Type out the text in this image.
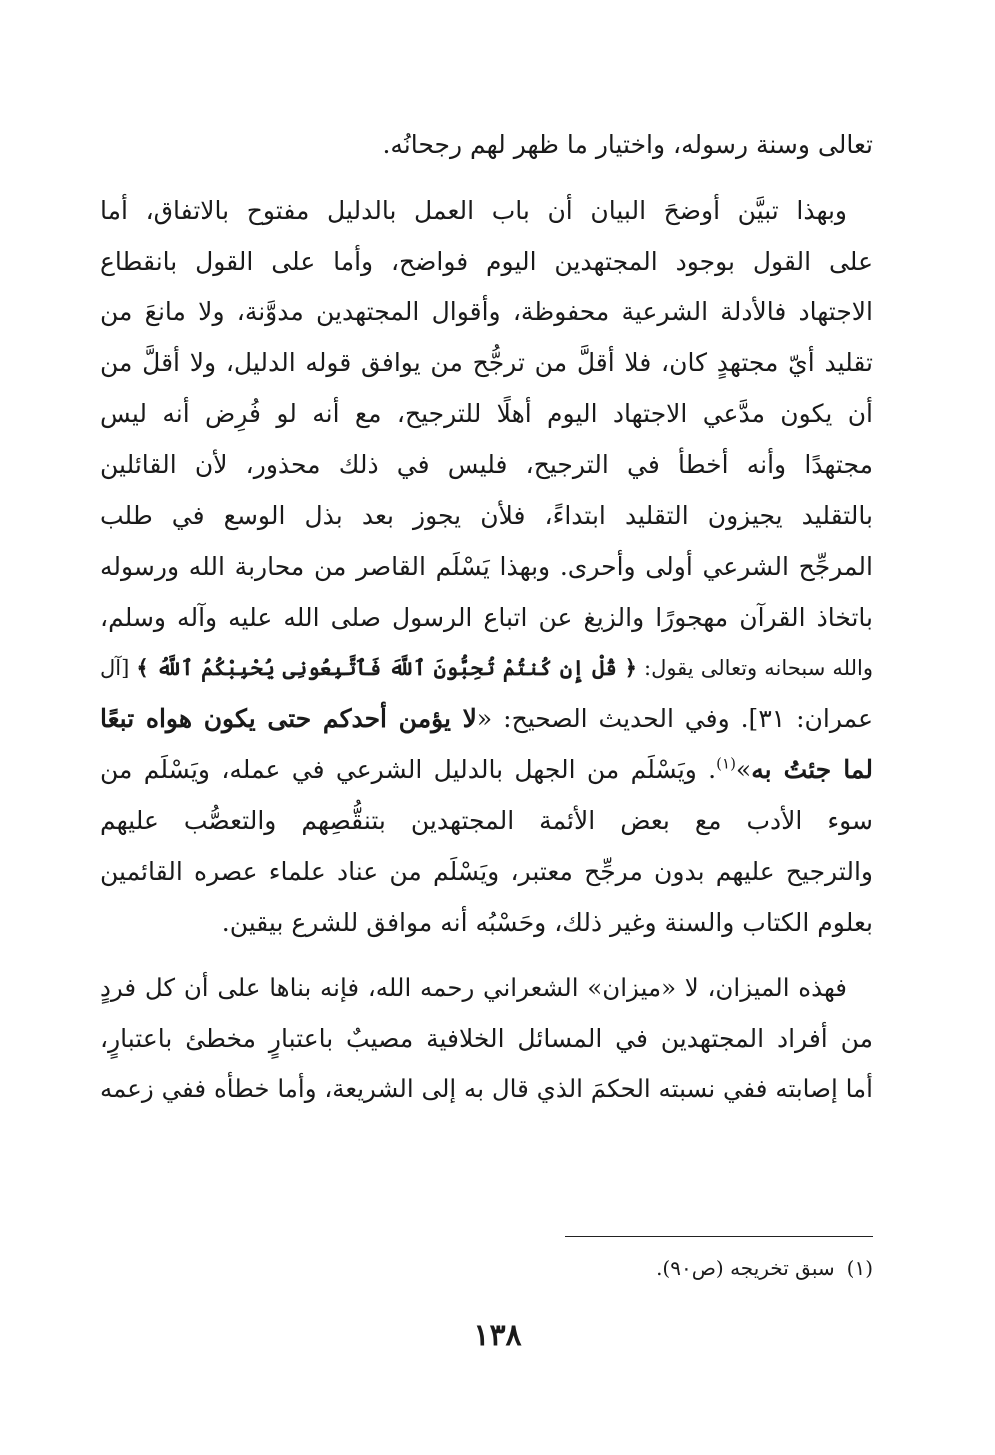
تعالى وسنة رسوله، واختيار ما ظهر لهم رجحانُه.
وبهذا تبيَّن أوضحَ البيان أن باب العمل بالدليل مفتوح بالاتفاق، أما
على القول بوجود المجتهدين اليوم فواضح، وأما على القول بانقطاع
الاجتهاد فالأدلة الشرعية محفوظة، وأقوال المجتهدين مدوَّنة، ولا مانعَ من
تقليد أيّ مجتهدٍ كان، فلا أقلَّ من ترجُّح من يوافق قوله الدليل، ولا أقلَّ من
أن يكون مدَّعي الاجتهاد اليوم أهلًا للترجيح، مع أنه لو فُرِض أنه ليس
مجتهدًا وأنه أخطأ في الترجيح، فليس في ذلك محذور، لأن القائلين
بالتقليد يجيزون التقليد ابتداءً، فلأن يجوز بعد بذل الوسع في طلب
المرجِّح الشرعي أولى وأحرى. وبهذا يَسْلَم القاصر من محاربة الله ورسوله
باتخاذ القرآن مهجورًا والزيغ عن اتباع الرسول صلى الله عليه وآله وسلم،
والله سبحانه وتعالى يقول: ﴿ قُلْ إِن كُنتُمْ تُحِبُّونَ ٱللَّهَ فَٱتَّبِعُونِى يُحْبِبْكُمُ ٱللَّهُ ﴾ [آل
عمران: ٣١]. وفي الحديث الصحيح: «لا يؤمن أحدكم حتى يكون هواه تبعًا
لما جئتُ به»$^{(١)}$. ويَسْلَم من الجهل بالدليل الشرعي في عمله، ويَسْلَم من
سوء الأدب مع بعض الأئمة المجتهدين بتنقُّصِهم والتعصُّب عليهم
والترجيح عليهم بدون مرجِّح معتبر، ويَسْلَم من عناد علماء عصره القائمين
بعلوم الكتاب والسنة وغير ذلك، وحَسْبُه أنه موافق للشرع بيقين.
فهذه الميزان، لا «ميزان» الشعراني رحمه الله، فإنه بناها على أن كل فردٍ
من أفراد المجتهدين في المسائل الخلافية مصيبٌ باعتبارٍ مخطئ باعتبارٍ،
أما إصابته ففي نسبته الحكمَ الذي قال به إلى الشريعة، وأما خطأه ففي زعمه
(١)سبق تخريجه (ص٩٠).
١٣٨
